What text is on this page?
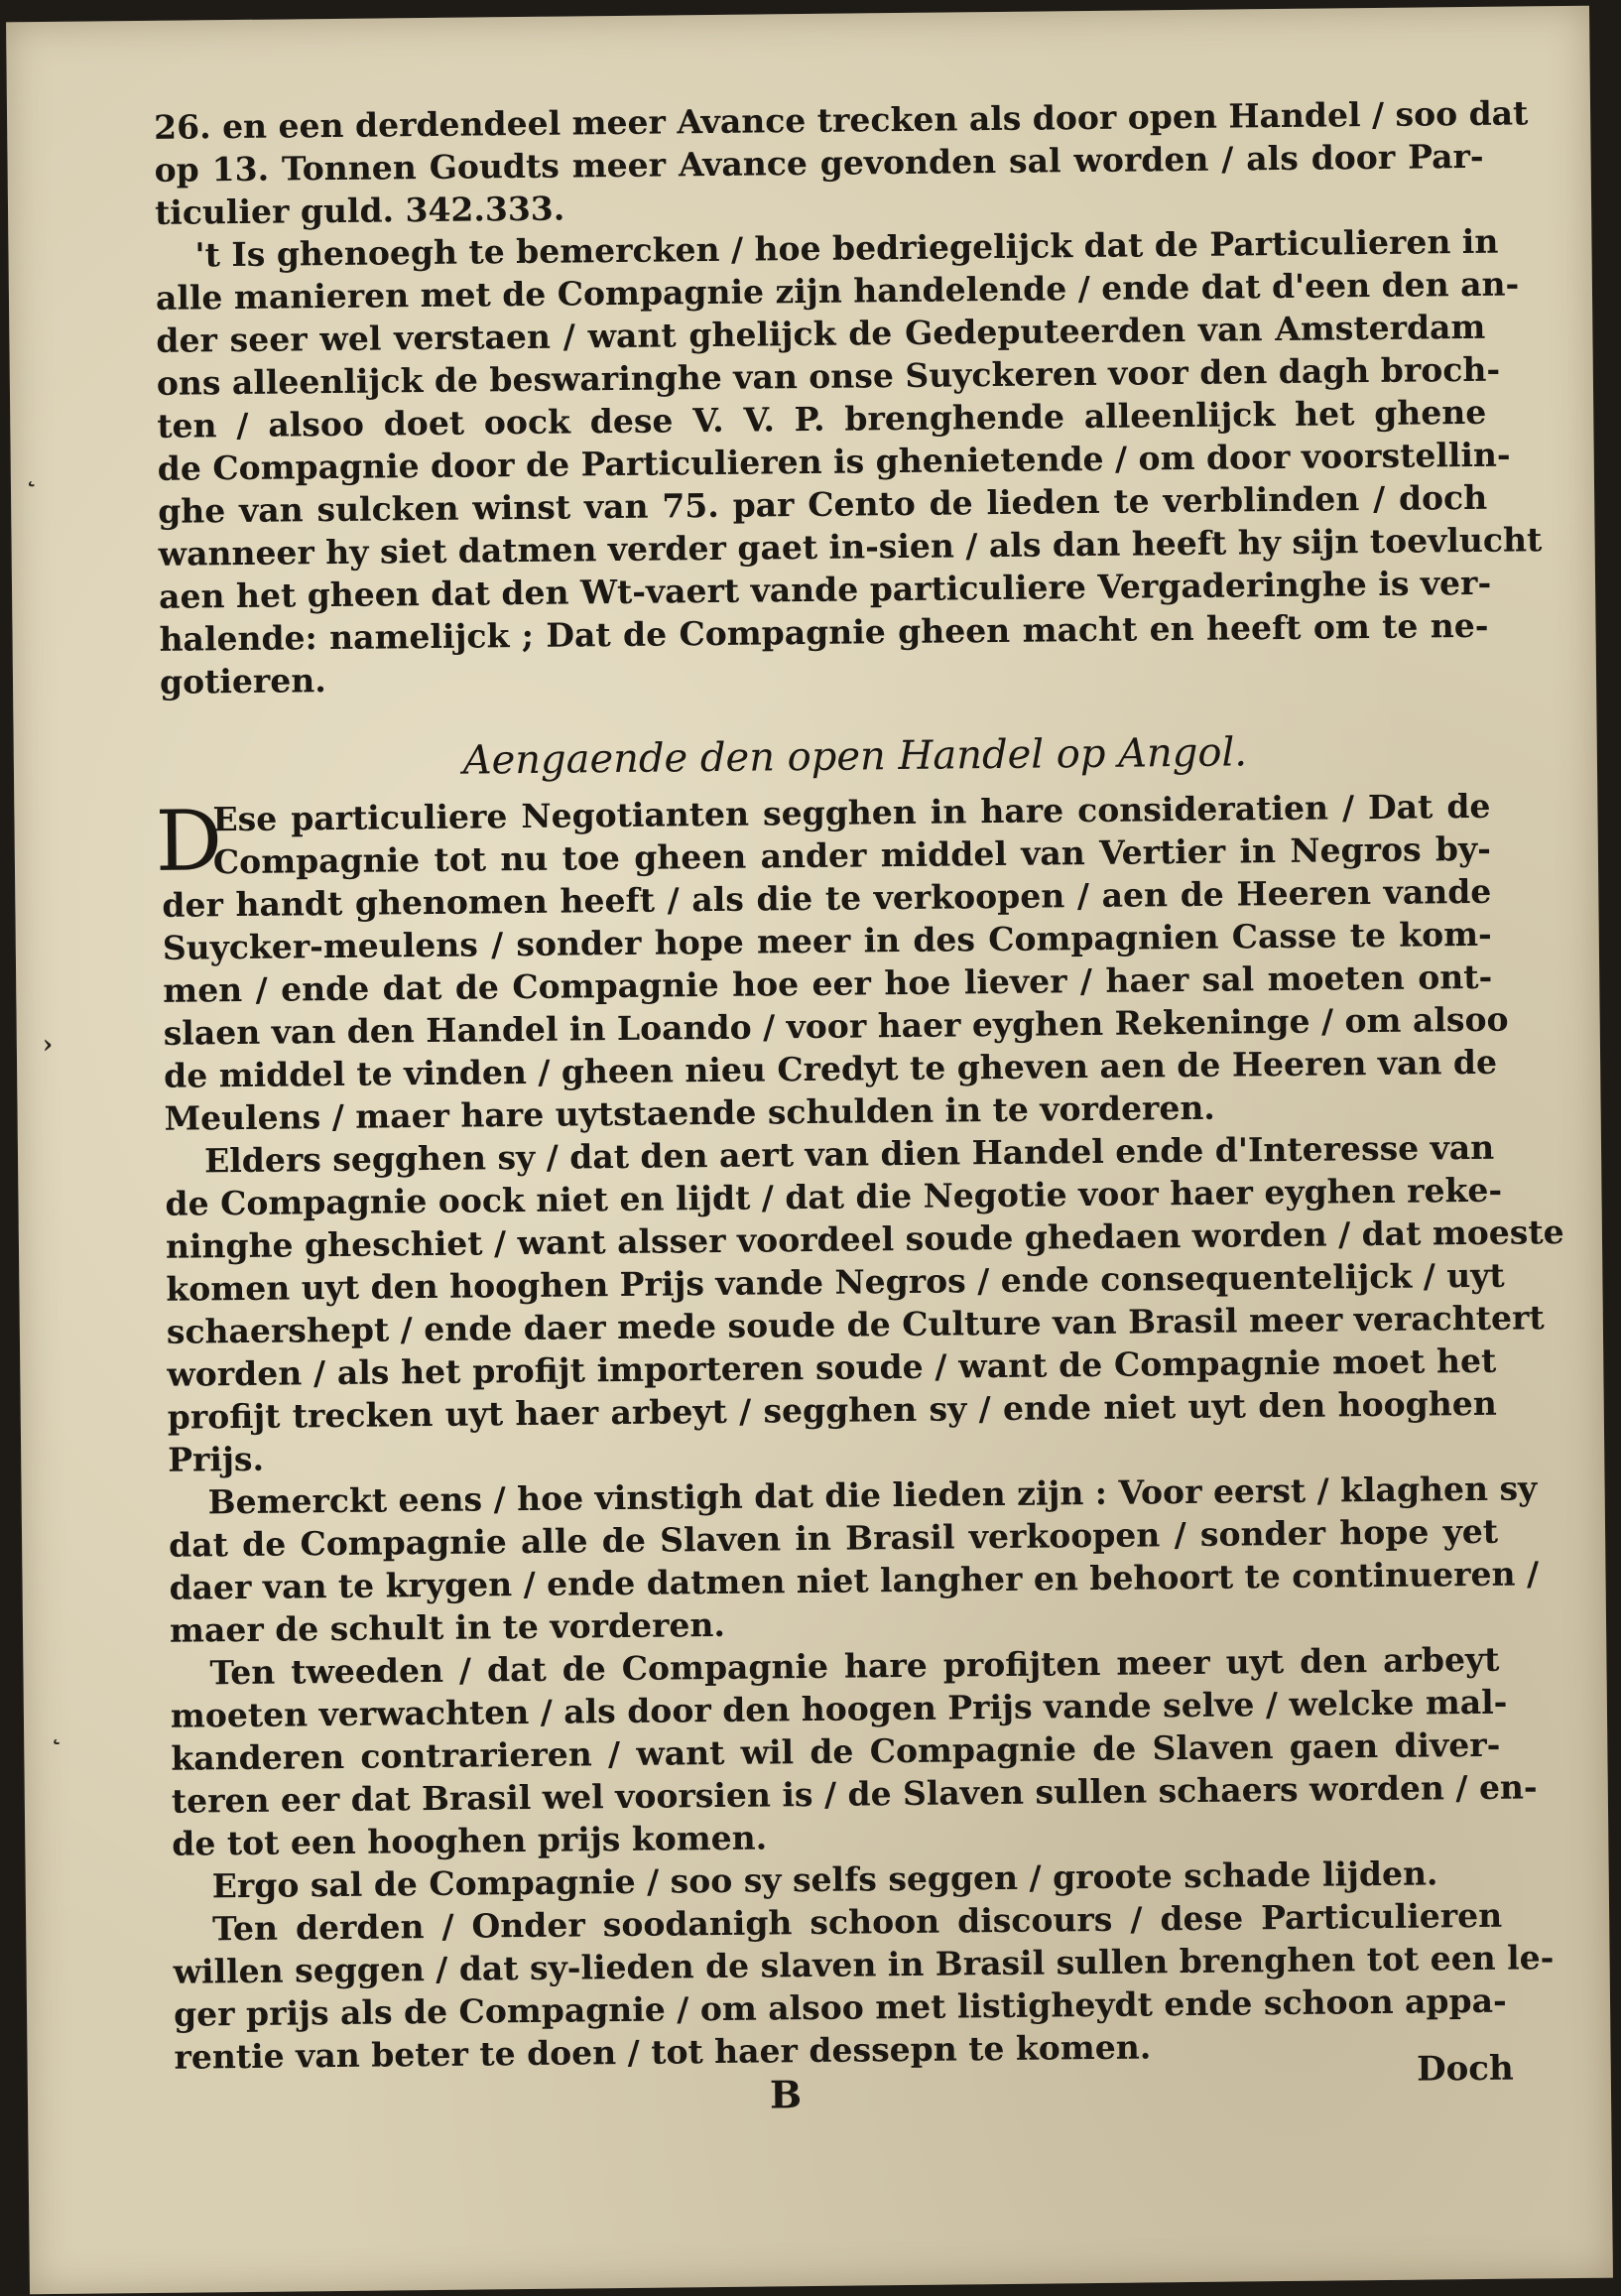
˛
›
˛
26. en een derdendeel meer Avance trecken als door open Handel / soo dat
op 13. Tonnen Goudts meer Avance gevonden sal worden / als door Par-
ticulier guld. 342.333.
't Is ghenoegh te bemercken / hoe bedriegelijck dat de Particulieren in
alle manieren met de Compagnie zijn handelende / ende dat d'een den an-
der seer wel verstaen / want ghelijck de Gedeputeerden van Amsterdam
ons alleenlijck de beswaringhe van onse Suyckeren voor den dagh broch-
ten / alsoo doet oock dese V. V. P. brenghende alleenlijck het ghene
de Compagnie door de Particulieren is ghenietende / om door voorstellin-
ghe van sulcken winst van 75. par Cento de lieden te verblinden / doch
wanneer hy siet datmen verder gaet in-sien / als dan heeft hy sijn toevlucht
aen het gheen dat den Wt-vaert vande particuliere Vergaderinghe is ver-
halende: namelijck ; Dat de Compagnie gheen macht en heeft om te ne-
gotieren.
Aengaende den open Handel op Angol.
D
Ese particuliere Negotianten segghen in hare consideratien / Dat de
Compagnie tot nu toe gheen ander middel van Vertier in Negros by-
der handt ghenomen heeft / als die te verkoopen / aen de Heeren vande
Suycker-meulens / sonder hope meer in des Compagnien Casse te kom-
men / ende dat de Compagnie hoe eer hoe liever / haer sal moeten ont-
slaen van den Handel in Loando / voor haer eyghen Rekeninge / om alsoo
de middel te vinden / gheen nieu Credyt te gheven aen de Heeren van de
Meulens / maer hare uytstaende schulden in te vorderen.
Elders segghen sy / dat den aert van dien Handel ende d'Interesse van
de Compagnie oock niet en lijdt / dat die Negotie voor haer eyghen reke-
ninghe gheschiet / want alsser voordeel soude ghedaen worden / dat moeste
komen uyt den hooghen Prijs vande Negros / ende consequentelijck / uyt
schaershept / ende daer mede soude de Culture van Brasil meer verachtert
worden / als het profijt importeren soude / want de Compagnie moet het
profijt trecken uyt haer arbeyt / segghen sy / ende niet uyt den hooghen
Prijs.
Bemerckt eens / hoe vinstigh dat die lieden zijn : Voor eerst / klaghen sy
dat de Compagnie alle de Slaven in Brasil verkoopen / sonder hope yet
daer van te krygen / ende datmen niet langher en behoort te continueren /
maer de schult in te vorderen.
Ten tweeden / dat de Compagnie hare profijten meer uyt den arbeyt
moeten verwachten / als door den hoogen Prijs vande selve / welcke mal-
kanderen contrarieren / want wil de Compagnie de Slaven gaen diver-
teren eer dat Brasil wel voorsien is / de Slaven sullen schaers worden / en-
de tot een hooghen prijs komen.
Ergo sal de Compagnie / soo sy selfs seggen / groote schade lijden.
Ten derden / Onder soodanigh schoon discours / dese Particulieren
willen seggen / dat sy-lieden de slaven in Brasil sullen brenghen tot een le-
ger prijs als de Compagnie / om alsoo met listigheydt ende schoon appa-
rentie van beter te doen / tot haer dessepn te komen.
B
Doch
